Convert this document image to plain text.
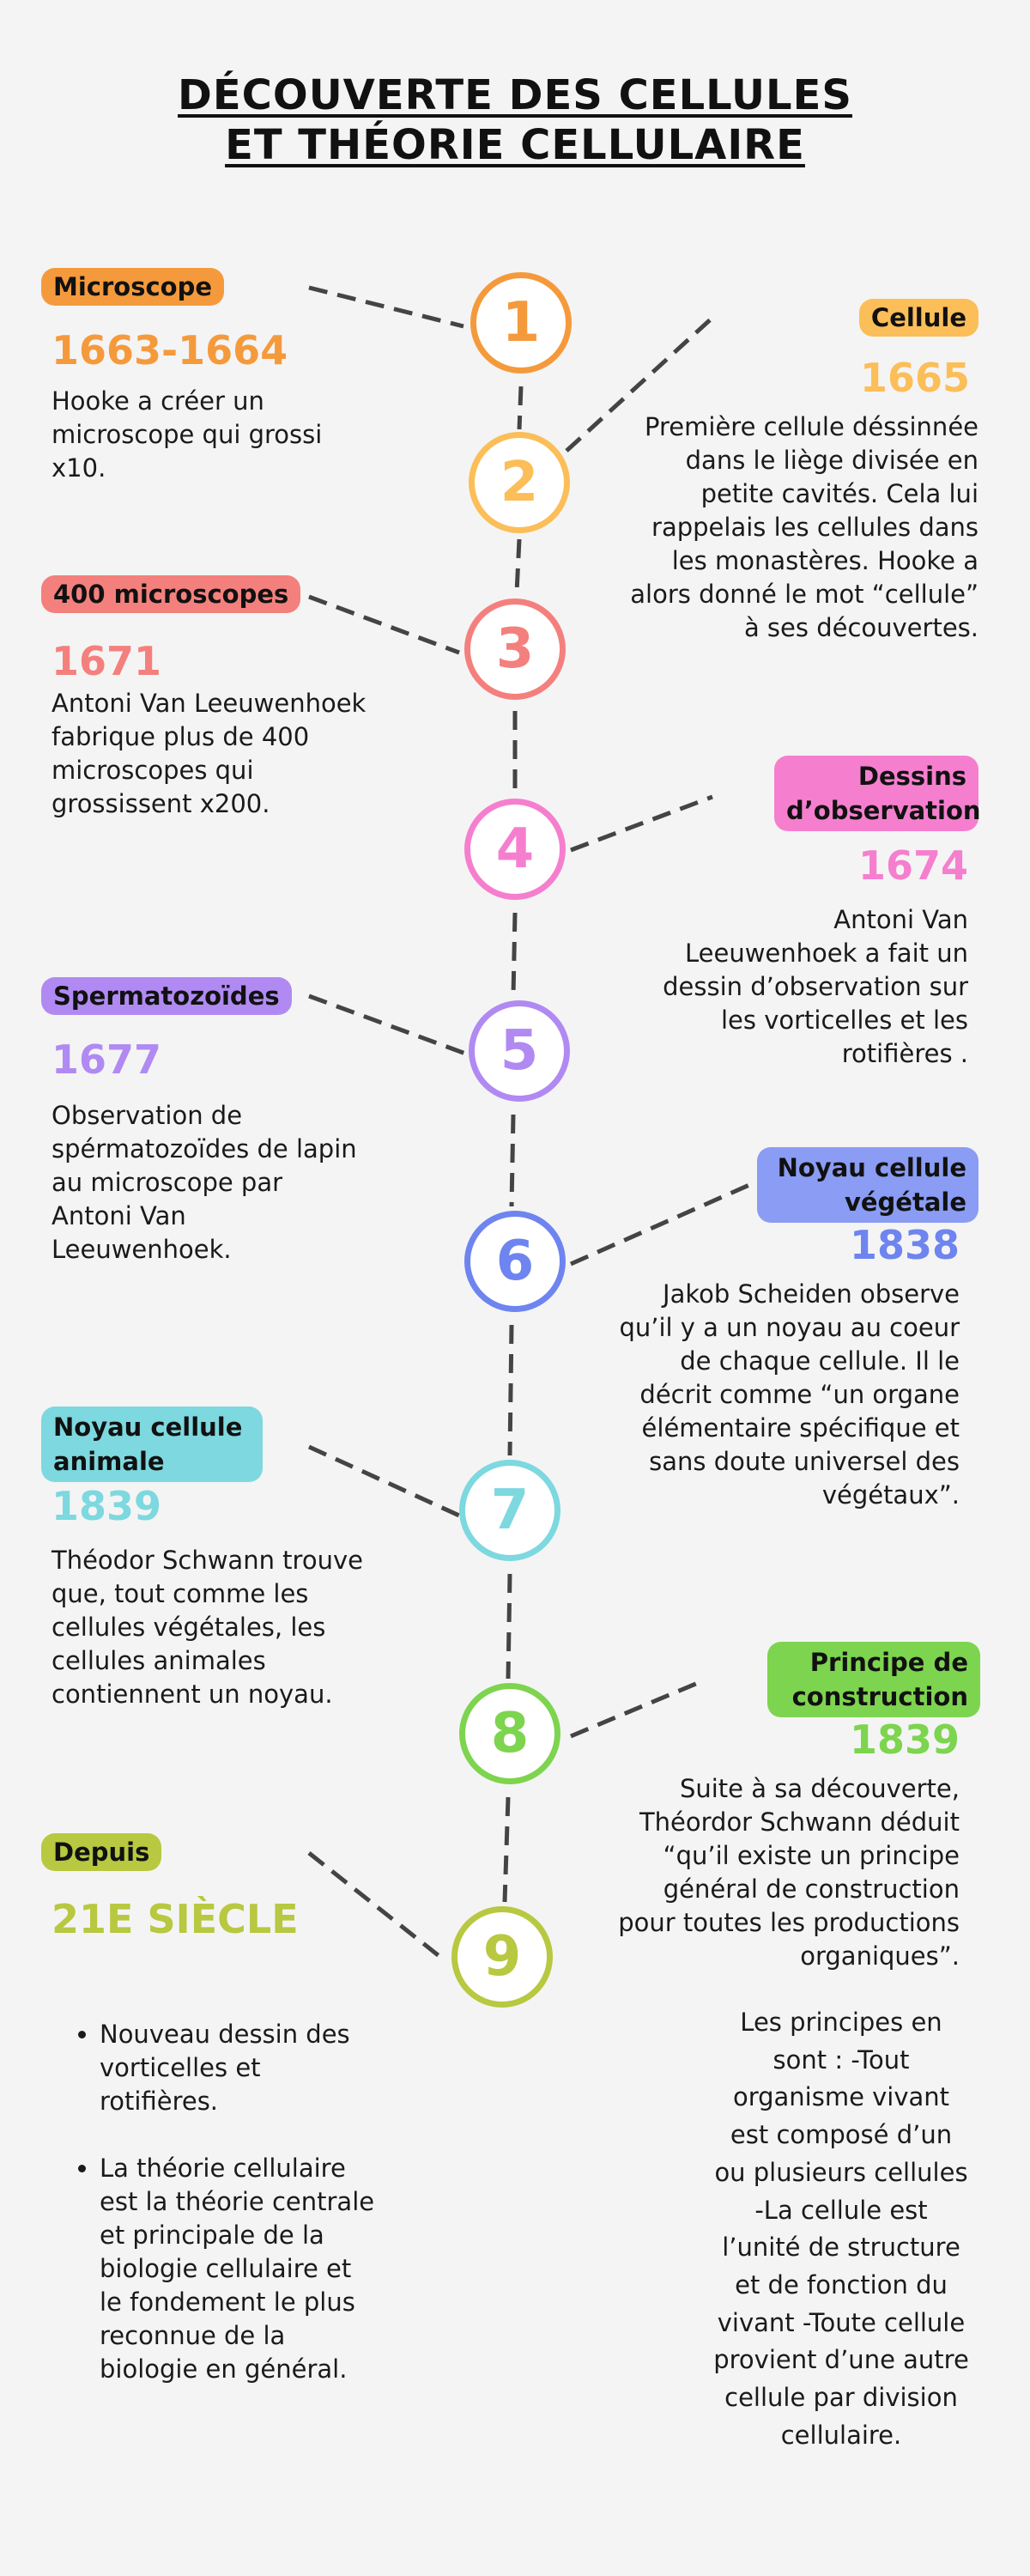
DÉCOUVERTE DES CELLULES
ET THÉORIE CELLULAIRE
1
2
3
4
5
6
7
8
9
Microscope
1663-1664
Hooke a créer un microscope qui grossi x10.
Cellule
1665
Première cellule déssinnée dans le liège divisée en petite cavités. Cela lui rappelais les cellules dans les monastères. Hooke a alors donné le mot “cellule” à ses découvertes.
400 microscopes
1671
Antoni Van Leeuwenhoek fabrique plus de 400 microscopes qui grossissent x200.
Dessins d’observation
1674
Antoni Van Leeuwenhoek a fait un dessin d’observation sur les vorticelles et les rotifières .
Spermatozoïdes
1677
Observation de spérmatozoïdes de lapin au microscope par Antoni Van Leeuwenhoek.
Noyau cellule végétale
1838
Jakob Scheiden observe qu’il y a un noyau au coeur de chaque cellule. Il le décrit comme “un organe élémentaire spécifique et sans doute universel des végétaux”.
Noyau cellule animale
1839
Théodor Schwann trouve que, tout comme les cellules végétales, les cellules animales contiennent un noyau.
Principe de construction
1839
Suite à sa découverte, Théordor Schwann déduit “qu’il existe un principe général de construction pour toutes les productions organiques”.
Les principes en sont : -Tout organisme vivant est composé d’un ou plusieurs cellules -La cellule est l’unité de structure et de fonction du vivant -Toute cellule provient d’une autre cellule par division cellulaire.
Depuis
21E SIÈCLE
• Nouveau dessin des vorticelles et rotifières.
• La théorie cellulaire est la théorie centrale et principale de la biologie cellulaire et le fondement le plus reconnue de la biologie en général.
